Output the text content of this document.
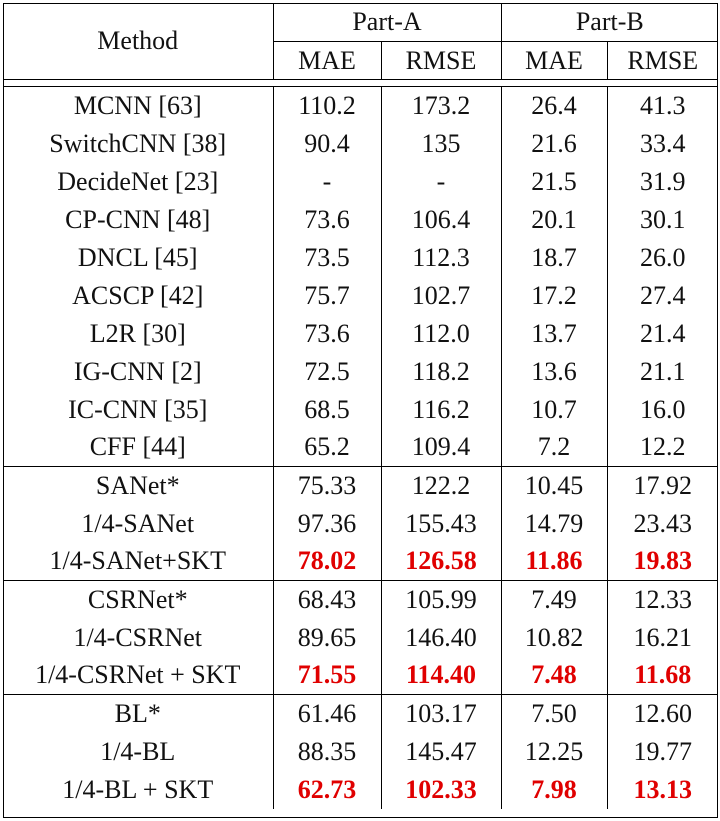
Method	Part-A		Part-B	
	MAE	RMSE	MAE	RMSE

MCNN [63]	110.2	173.2	26.4	41.3
SwitchCNN [38]	90.4	135	21.6	33.4
DecideNet [23]	-	-	21.5	31.9
CP-CNN [48]	73.6	106.4	20.1	30.1
DNCL [45]	73.5	112.3	18.7	26.0
ACSCP [42]	75.7	102.7	17.2	27.4
L2R [30]	73.6	112.0	13.7	21.4
IG-CNN [2]	72.5	118.2	13.6	21.1
IC-CNN [35]	68.5	116.2	10.7	16.0
CFF [44]	65.2	109.4	7.2	12.2
SANet*	75.33	122.2	10.45	17.92
1/4-SANet	97.36	155.43	14.79	23.43
1/4-SANet+SKT	78.02	126.58	11.86	19.83
CSRNet*	68.43	105.99	7.49	12.33
1/4-CSRNet	89.65	146.40	10.82	16.21
1/4-CSRNet + SKT	71.55	114.40	7.48	11.68
BL*	61.46	103.17	7.50	12.60
1/4-BL	88.35	145.47	12.25	19.77
1/4-BL + SKT	62.73	102.33	7.98	13.13
